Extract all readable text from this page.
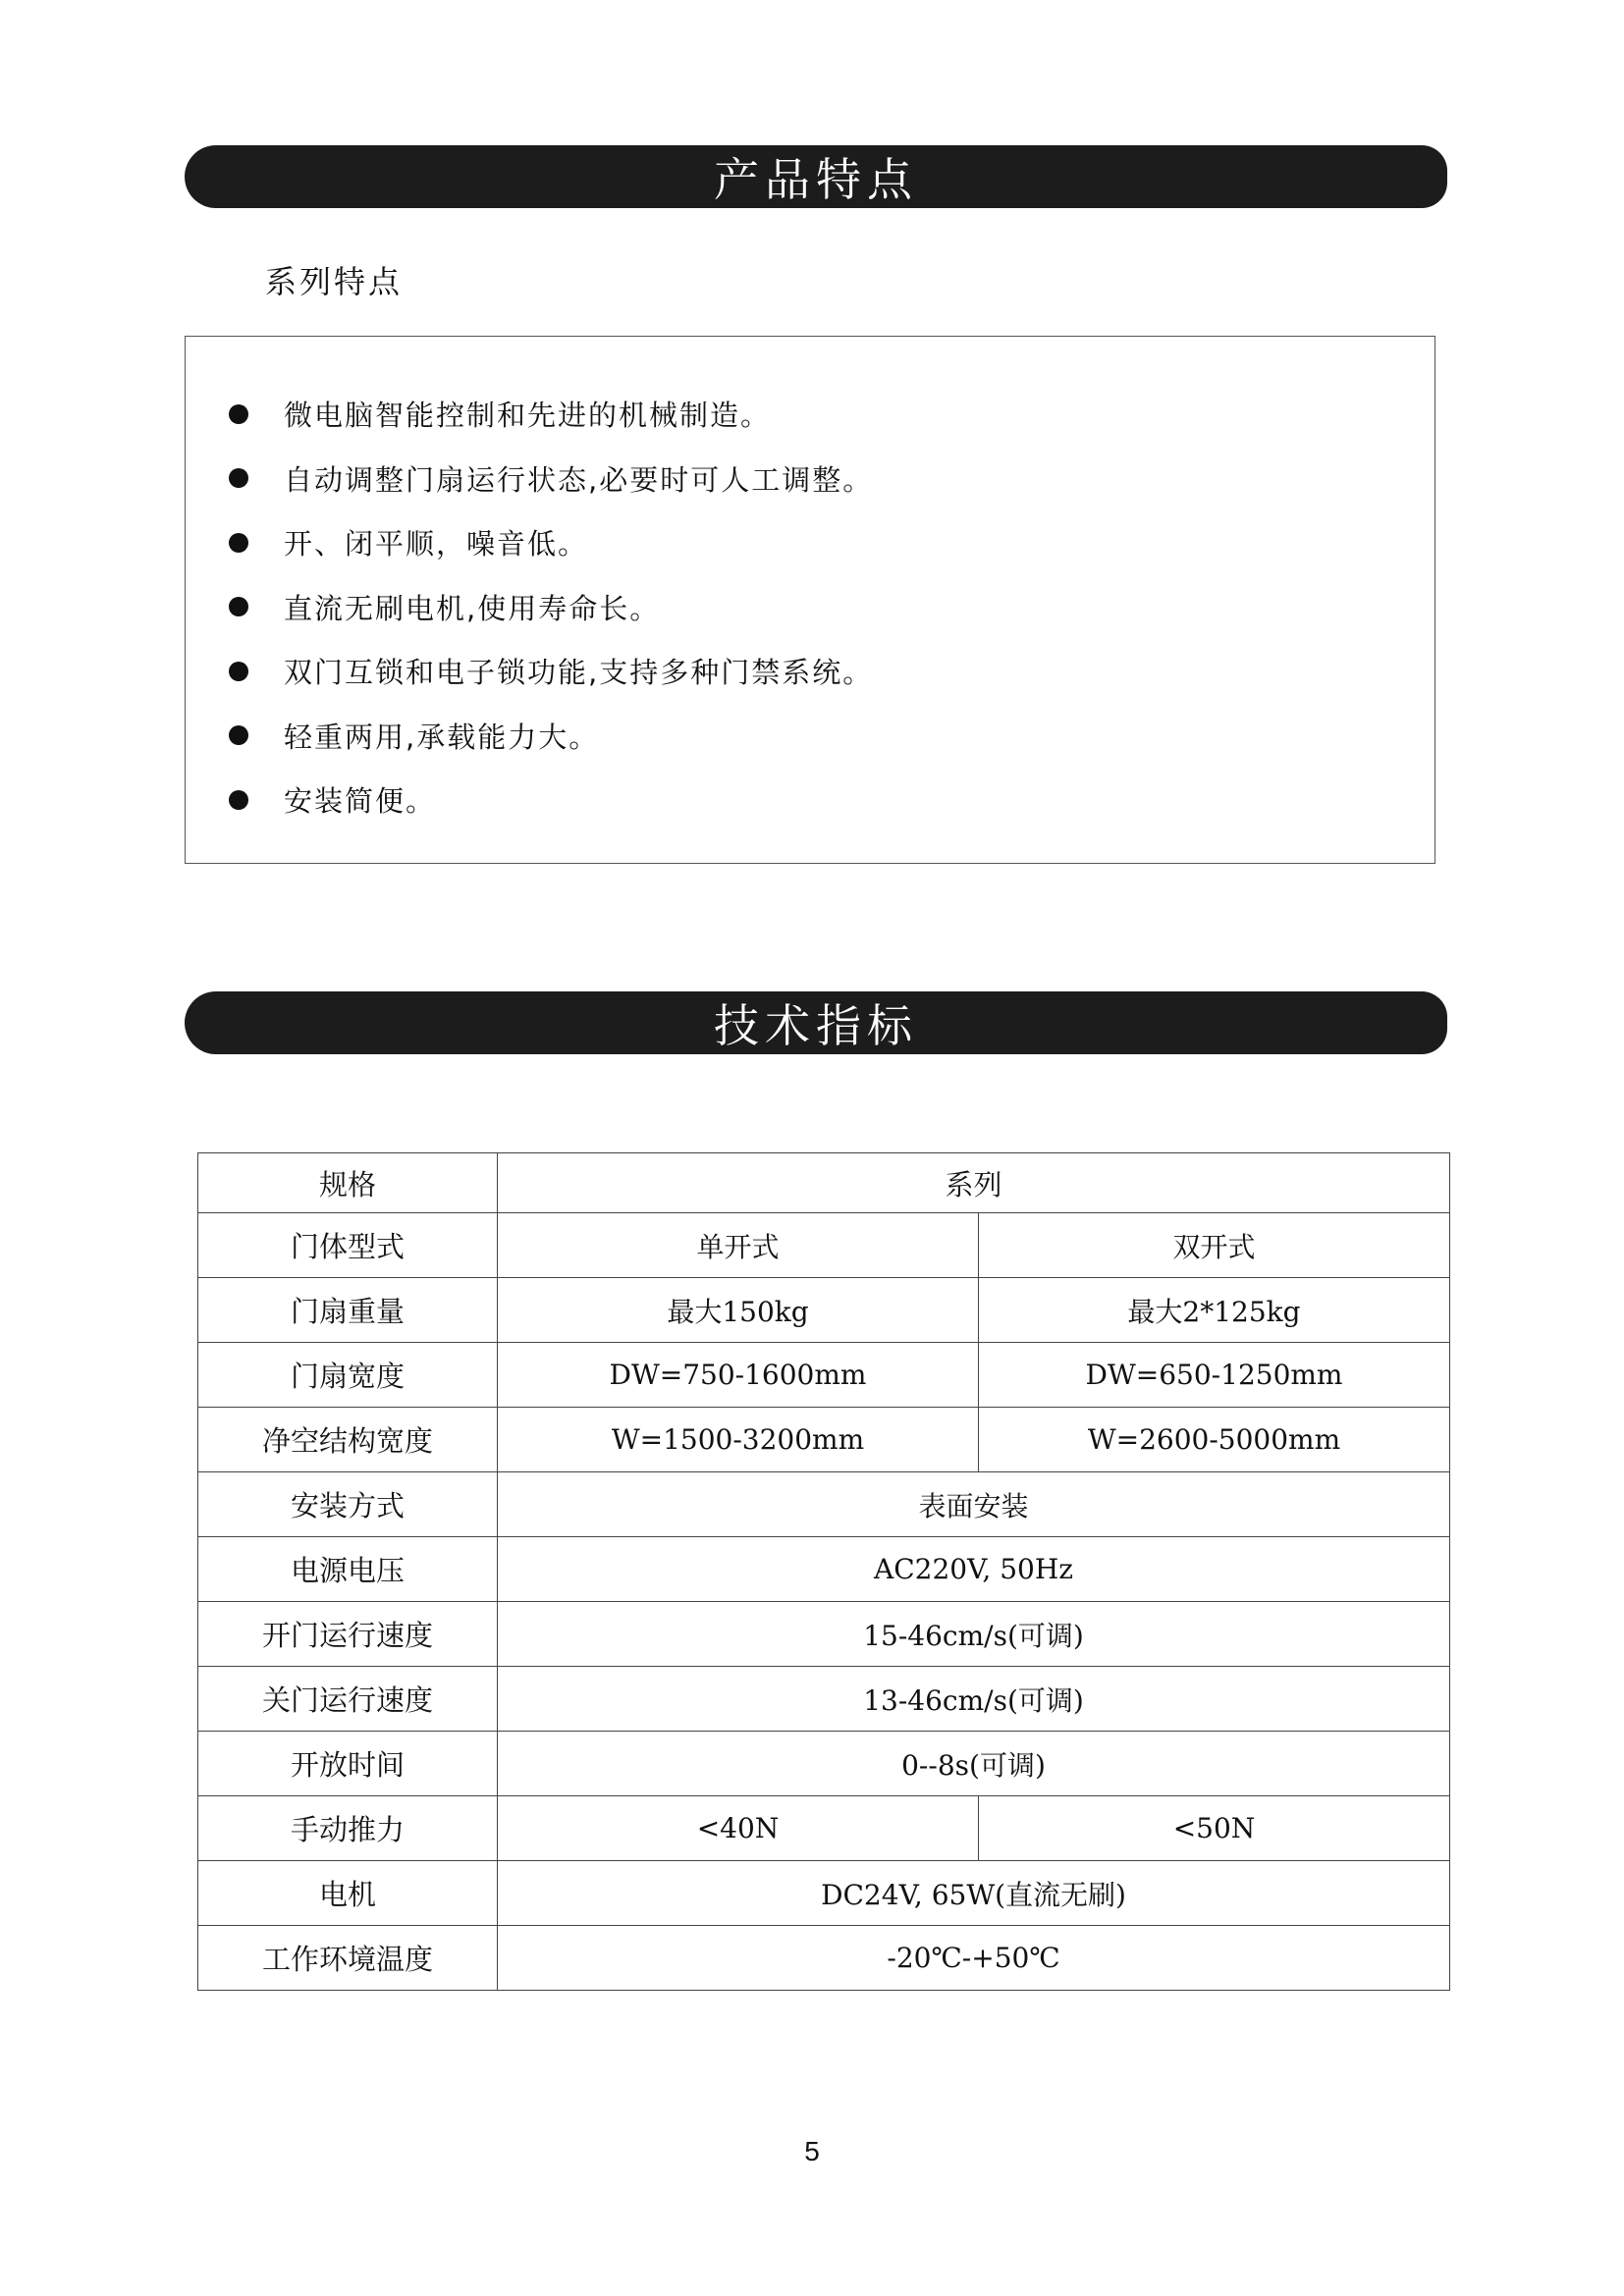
产品特点
系列特点
微电脑智能控制和先进的机械制造。
自动调整门扇运行状态,必要时可人工调整。
开、闭平顺，噪音低。
直流无刷电机,使用寿命长。
双门互锁和电子锁功能,支持多种门禁系统。
轻重两用,承载能力大。
安装简便。
技术指标
规格	系列	
门体型式	单开式	双开式
门扇重量	最大150kg	最大2*125kg
门扇宽度	DW=750-1600mm	DW=650-1250mm
净空结构宽度	W=1500-3200mm	W=2600-5000mm
安装方式	表面安装	
电源电压	AC220V, 50Hz	
开门运行速度	15-46cm/s(可调)	
关门运行速度	13-46cm/s(可调)	
开放时间	0--8s(可调)	
手动推力	<40N	<50N
电机	DC24V, 65W(直流无刷)	
工作环境温度	-20℃-+50℃	
5
